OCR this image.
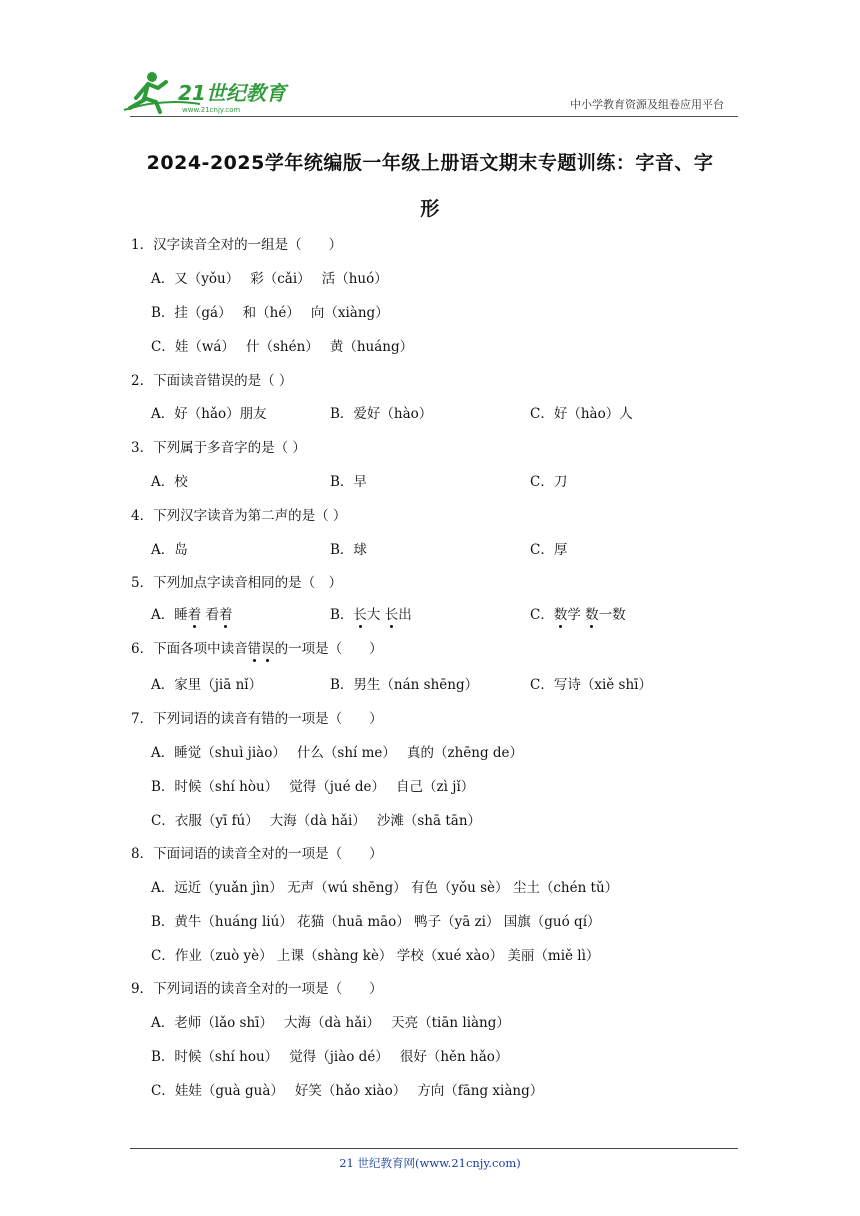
21世纪教育
www.21cnjy.com	中小学教育资源及组卷应用平台
2024-2025学年统编版一年级上册语文期末专题训练：字音、字
形
1．汉字读音全对的一组是（　　）
A．又（yǒu）　 彩（cǎi）　 活（huó）
B．挂（gá）　 和（hé）　 向（xiàng）
C．娃（wá）　 什（shén）　 黄（huáng）
2．下面读音错误的是（ ）
A．好（hǎo）朋友	B．爱好（hào）	C．好（hào）人
3．下列属于多音字的是（ ）
A．校	B．早	C．刀
4．下列汉字读音为第二声的是（ ）
A．岛	B．球	C．厚
5．下列加点字读音相同的是（　）
A．睡着 看着	B．长大 长出	C．数学 数一数
6．下面各项中读音错误的一项是（　　）
A．家里（jiā nǐ）	B．男生（nán shēng）	C．写诗（xiě shī）
7．下列词语的读音有错的一项是（　　）
A．睡觉（shuì jiào）　 什么（shí me）　 真的（zhēng de）
B．时候（shí hòu）　 觉得（jué de）　 自己（zì jǐ）
C．衣服（yī fú）　 大海（dà hǎi）　 沙滩（shā tān）
8．下面词语的读音全对的一项是（　　）
A．远近（yuǎn jìn） 无声（wú shēng） 有色（yǒu sè） 尘土（chén tǔ）
B．黄牛（huáng liú） 花猫（huā māo） 鸭子（yā zi） 国旗（guó qí）
C．作业（zuò yè） 上课（shàng kè） 学校（xué xào） 美丽（miě lì）
9．下列词语的读音全对的一项是（　　）
A．老师（lǎo shī）　 大海（dà hǎi）　 天亮（tiān liàng）
B．时候（shí hou）　 觉得（jiào dé）　 很好（hěn hǎo）
C．娃娃（guà guà）　 好笑（hǎo xiào）　 方向（fāng xiàng）
21 世纪教育网(www.21cnjy.com)
